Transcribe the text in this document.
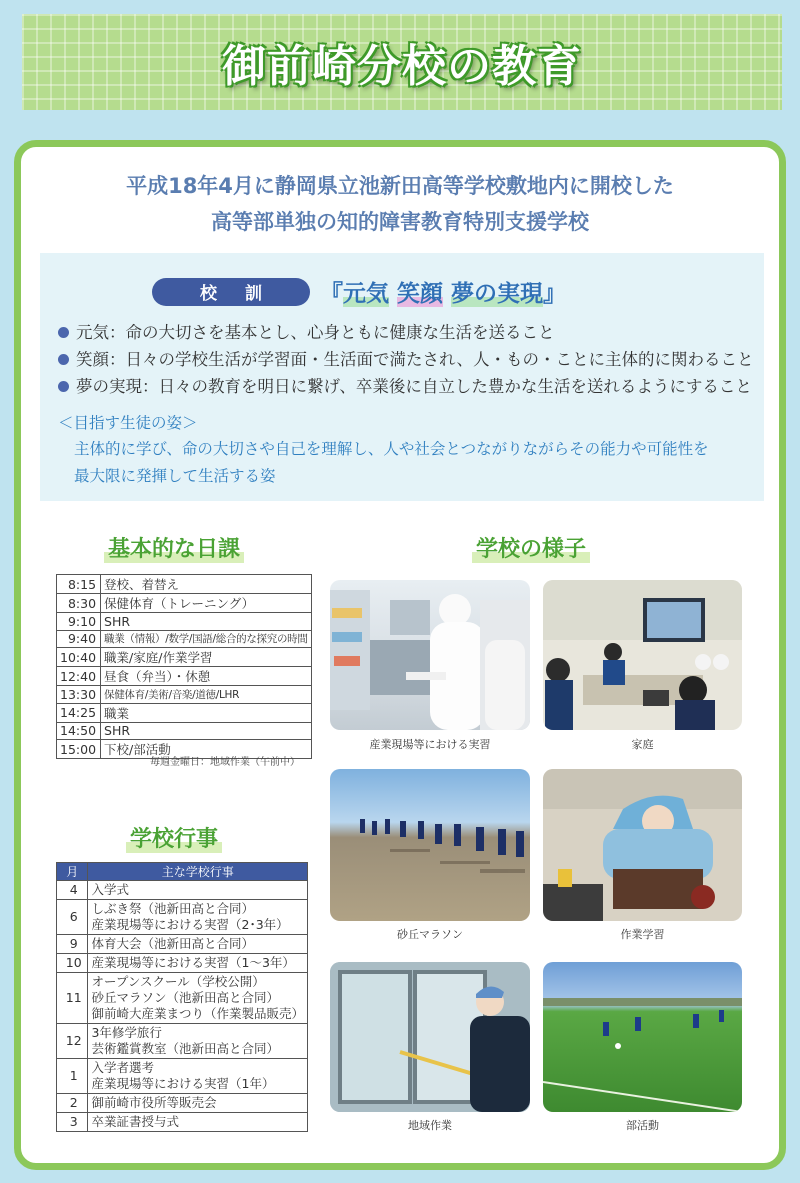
御前崎分校の教育
平成18年4月に静岡県立池新田高等学校敷地内に開校した
高等部単独の知的障害教育特別支援学校
校 訓	『元気 笑顔 夢の実現』
元気：命の大切さを基本とし、心身ともに健康な生活を送ること
笑顔：日々の学校生活が学習面・生活面で満たされ、人・もの・ことに主体的に関わること
夢の実現：日々の教育を明日に繋げ、卒業後に自立した豊かな生活を送れるようにすること
＜目指す生徒の姿＞
主体的に学び、命の大切さや自己を理解し、人や社会とつながりながらその能力や可能性を
最大限に発揮して生活する姿
基本的な日課
8:15	登校、着替え
8:30	保健体育（トレーニング）
9:10	SHR
9:40	職業（情報）/数学/国語/総合的な探究の時間
10:40	職業/家庭/作業学習
12:40	昼食（弁当）・休憩
13:30	保健体育/美術/音楽/道徳/LHR
14:25	職業
14:50	SHR
15:00	下校/部活動
毎週金曜日：地域作業（午前中）
学校行事
月	主な学校行事
4	入学式

6	しぶき祭（池新田高と合同）
産業現場等における実習（2･3年）

9	体育大会（池新田高と合同）

10	産業現場等における実習（1～3年）

11	オープンスクール（学校公開）
砂丘マラソン（池新田高と合同）
御前崎大産業まつり（作業製品販売）

12	3年修学旅行
芸術鑑賞教室（池新田高と合同）

1	入学者選考
産業現場等における実習（1年）

2	御前崎市役所等販売会

3	卒業証書授与式
学校の様子
産業現場等における実習	家庭
砂丘マラソン	作業学習
地域作業	部活動
